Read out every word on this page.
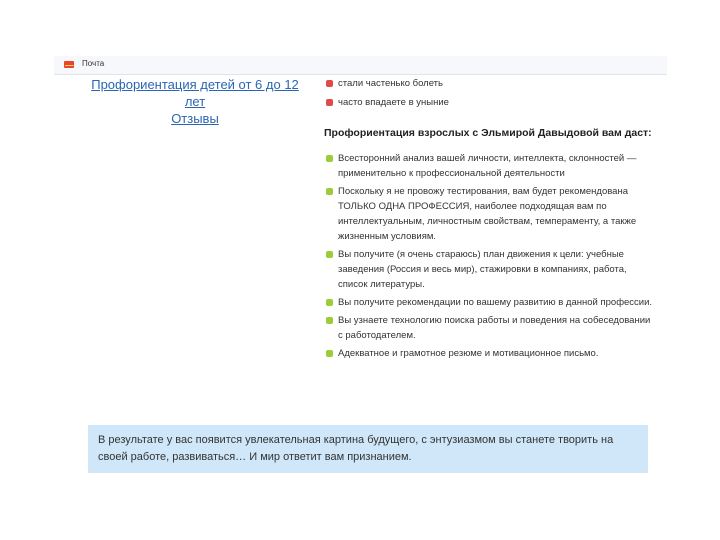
Почта
Профориентация детей от 6 до 12 лет
Отзывы
стали частенько болеть
часто впадаете в уныние
Профориентация взрослых с Эльмирой Давыдовой вам даст:
Всесторонний анализ вашей личности, интеллекта, склонностей — применительно к профессиональной деятельности
Поскольку я не провожу тестирования, вам будет рекомендована ТОЛЬКО ОДНА ПРОФЕССИЯ, наиболее подходящая вам по интеллектуальным, личностным свойствам, темпераменту, а также жизненным условиям.
Вы получите (я очень стараюсь) план движения к цели: учебные заведения (Россия и весь мир), стажировки в компаниях, работа, список литературы.
Вы получите рекомендации по вашему развитию в данной профессии.
Вы узнаете технологию поиска работы и поведения на собеседовании с работодателем.
Адекватное и грамотное резюме и мотивационное письмо.
В результате у вас появится увлекательная картина будущего, с энтузиазмом вы станете творить на своей работе, развиваться… И мир ответит вам признанием.
